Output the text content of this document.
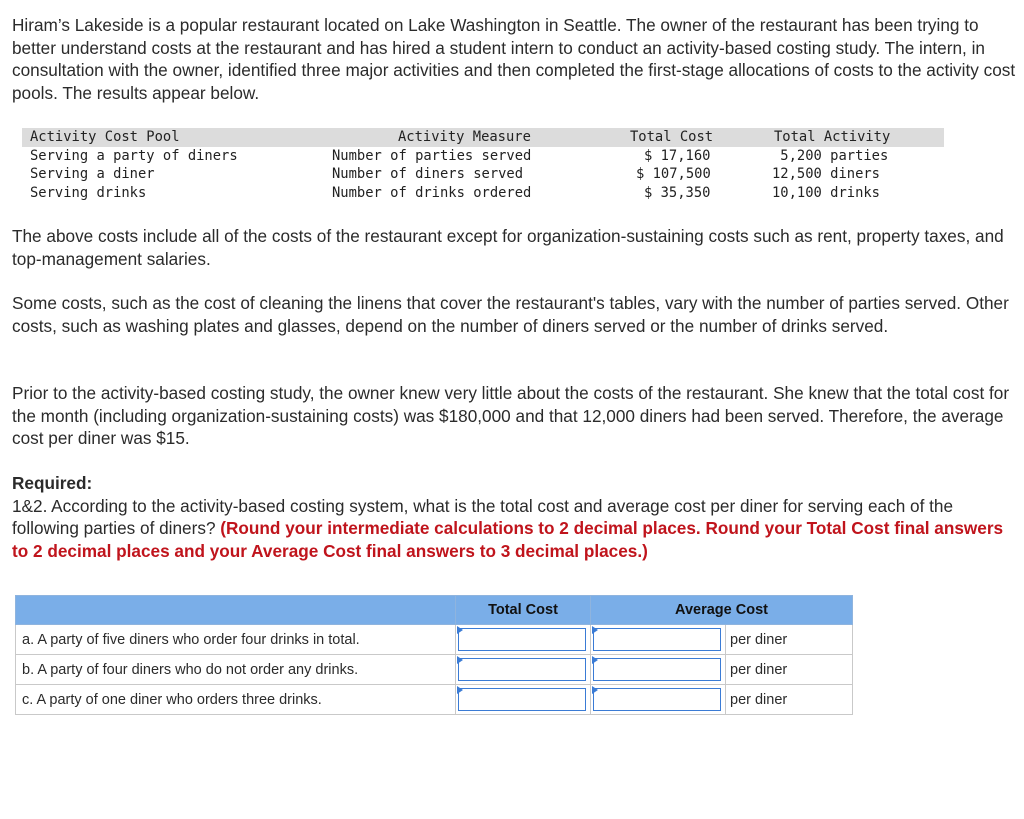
Hiram’s Lakeside is a popular restaurant located on Lake Washington in Seattle. The owner of the restaurant has been trying to better understand costs at the restaurant and has hired a student intern to conduct an activity-based costing study. The intern, in consultation with the owner, identified three major activities and then completed the first-stage allocations of costs to the activity cost pools. The results appear below.

Activity Cost Pool	Activity Measure	Total Cost	Total Activity
Serving a party of diners	Number of parties served	$ 17,160	5,200 parties
Serving a diner	Number of diners served	$ 107,500	12,500 diners
Serving drinks	Number of drinks ordered	$ 35,350	10,100 drinks

The above costs include all of the costs of the restaurant except for organization-sustaining costs such as rent, property taxes, and top-management salaries.

Some costs, such as the cost of cleaning the linens that cover the restaurant's tables, vary with the number of parties served. Other costs, such as washing plates and glasses, depend on the number of diners served or the number of drinks served.

Prior to the activity-based costing study, the owner knew very little about the costs of the restaurant. She knew that the total cost for the month (including organization-sustaining costs) was $180,000 and that 12,000 diners had been served. Therefore, the average cost per diner was $15.

Required:
1&2. According to the activity-based costing system, what is the total cost and average cost per diner for serving each of the following parties of diners? (Round your intermediate calculations to 2 decimal places. Round your Total Cost final answers to 2 decimal places and your Average Cost final answers to 3 decimal places.)
	Total Cost	Average Cost	
a. A party of five diners who order four drinks in total.			per diner
b. A party of four diners who do not order any drinks.			per diner
c. A party of one diner who orders three drinks.			per diner
